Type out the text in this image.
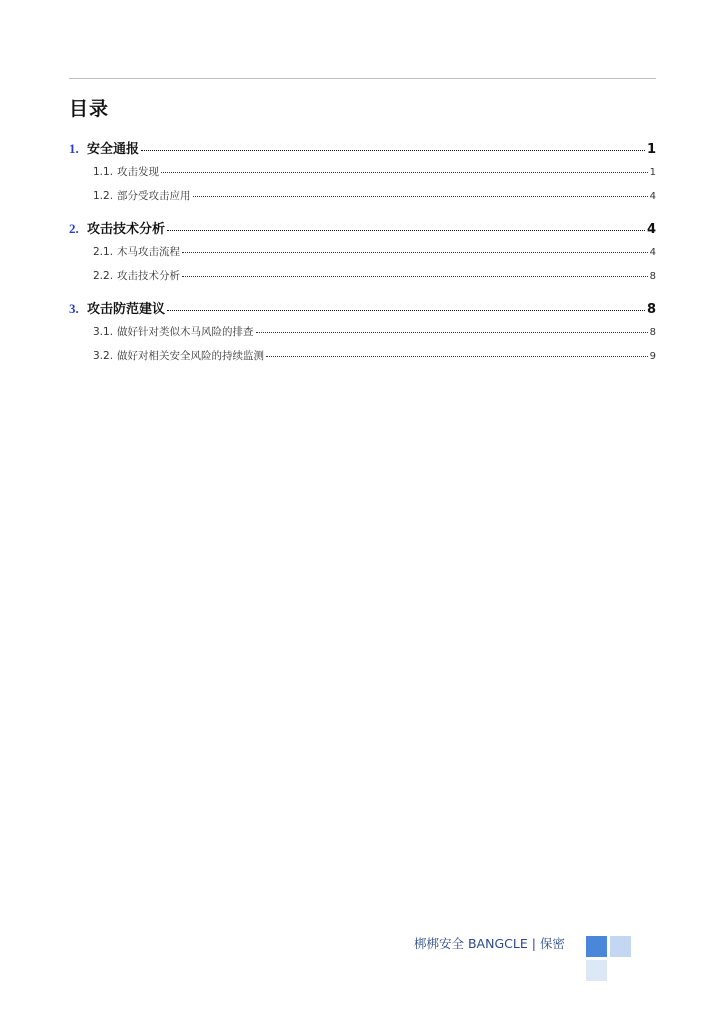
目录
1. 安全通报	1
1.1. 攻击发现	1
1.2. 部分受攻击应用	4
2. 攻击技术分析	4
2.1. 木马攻击流程	4
2.2. 攻击技术分析	8
3. 攻击防范建议	8
3.1. 做好针对类似木马风险的排查	8
3.2. 做好对相关安全风险的持续监测	9
梆梆安全 BANGCLE | 保密
